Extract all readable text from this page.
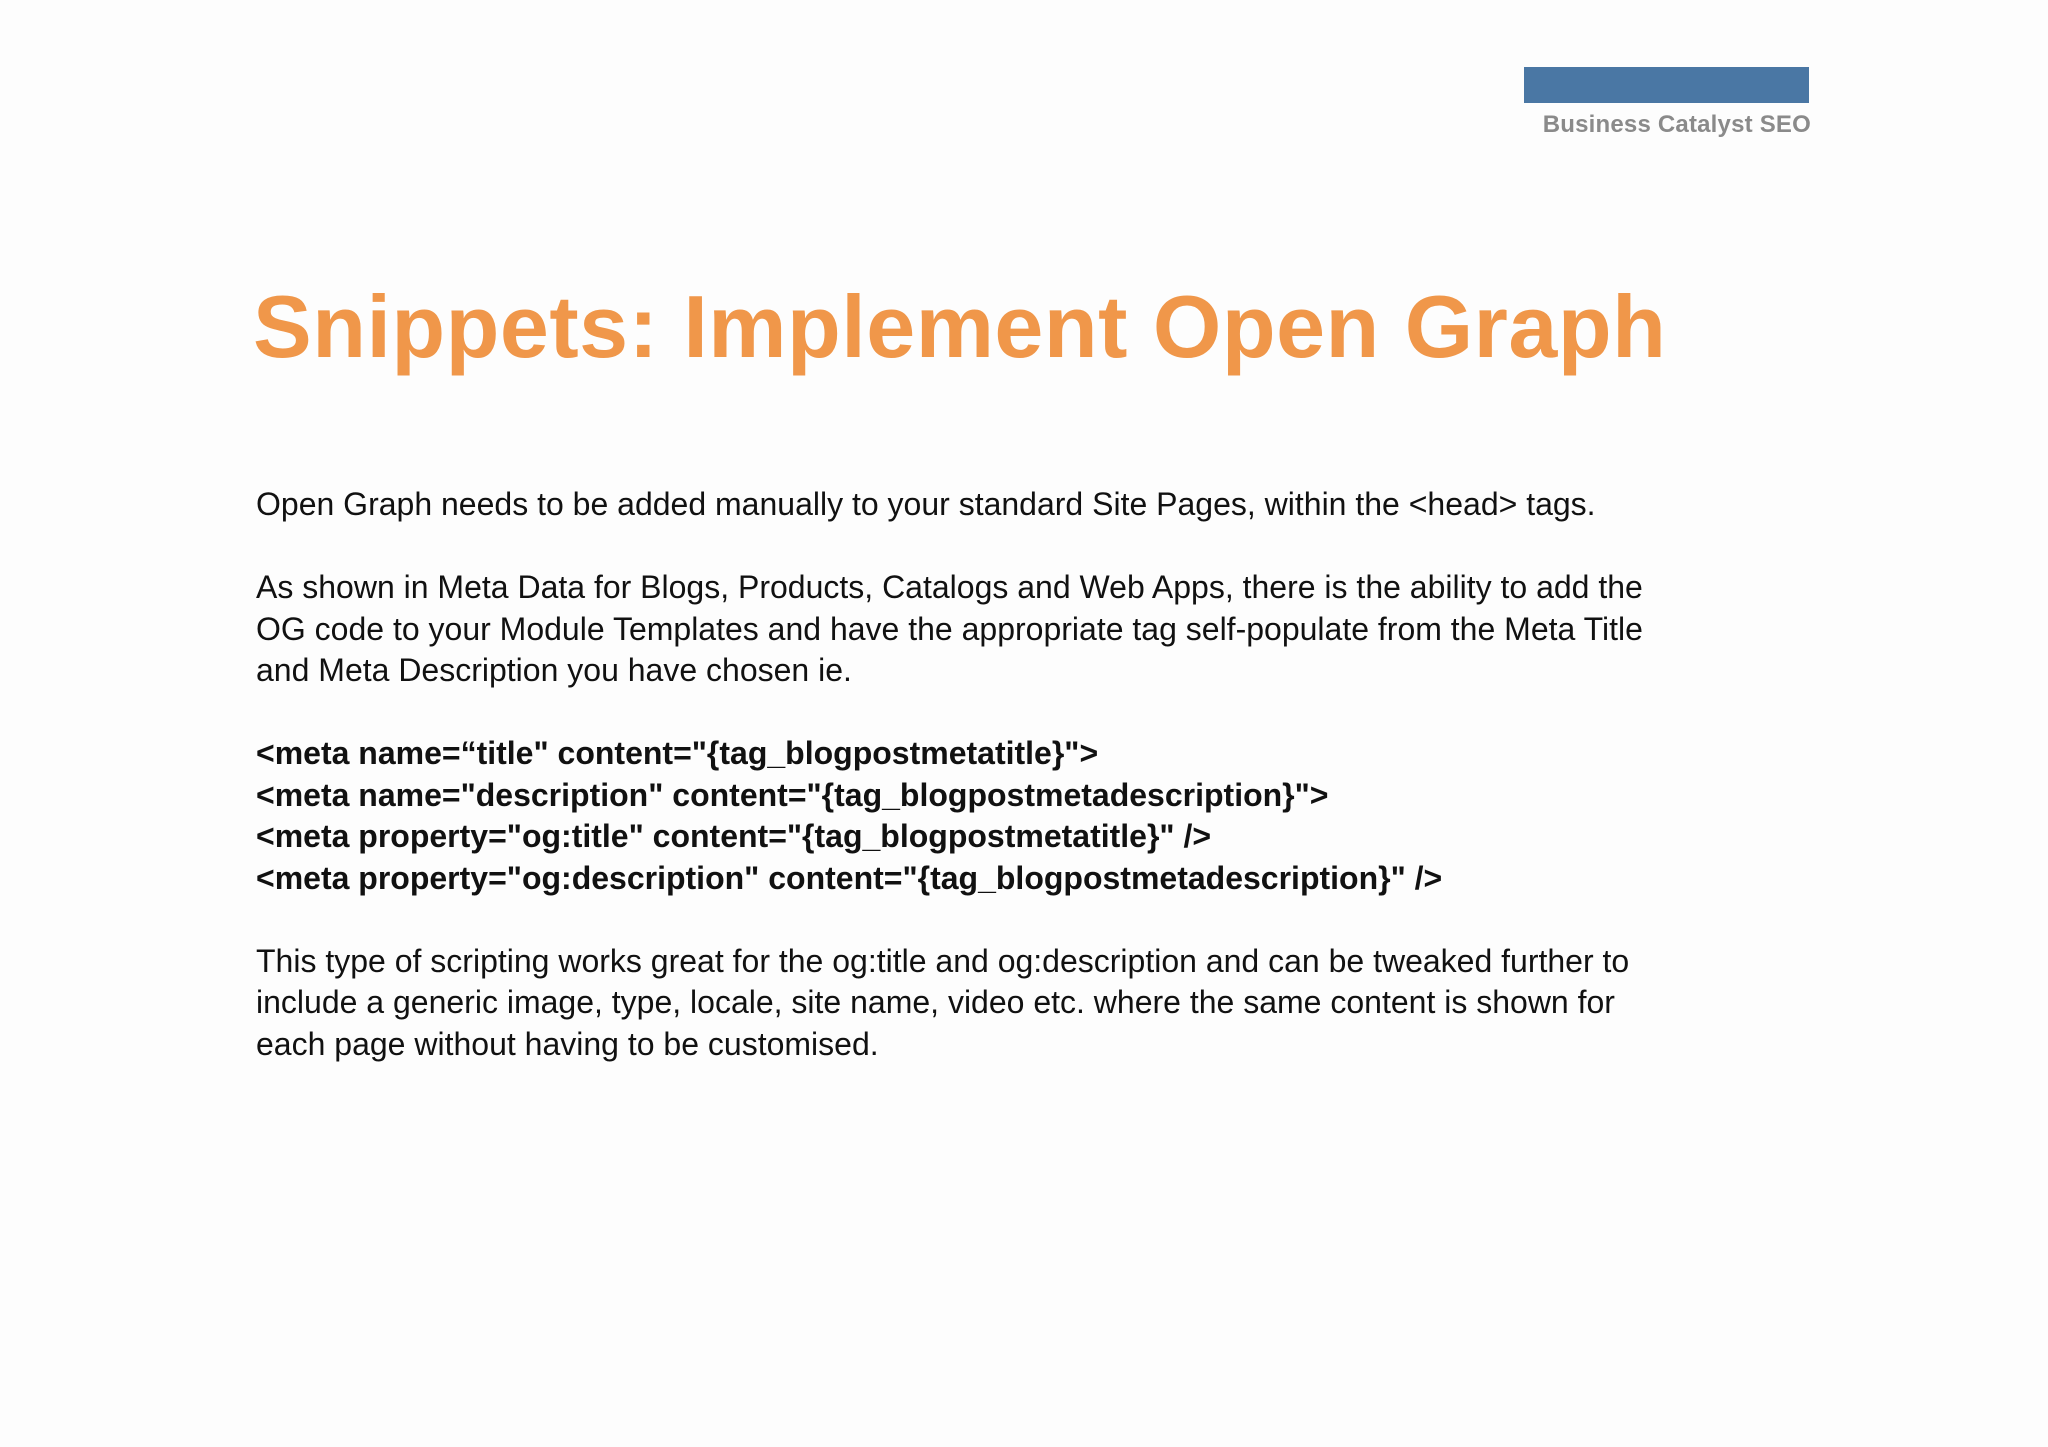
Business Catalyst SEO
Snippets: Implement Open Graph

Open Graph needs to be added manually to your standard Site Pages, within the <head> tags.

As shown in Meta Data for Blogs, Products, Catalogs and Web Apps, there is the ability to add the
OG code to your Module Templates and have the appropriate tag self-populate from the Meta Title
and Meta Description you have chosen ie.

<meta name=“title" content="{tag_blogpostmetatitle}">
<meta name="description" content="{tag_blogpostmetadescription}">
<meta property="og:title" content="{tag_blogpostmetatitle}" />
<meta property="og:description" content="{tag_blogpostmetadescription}" />

This type of scripting works great for the og:title and og:description and can be tweaked further to
include a generic image, type, locale, site name, video etc. where the same content is shown for
each page without having to be customised.
